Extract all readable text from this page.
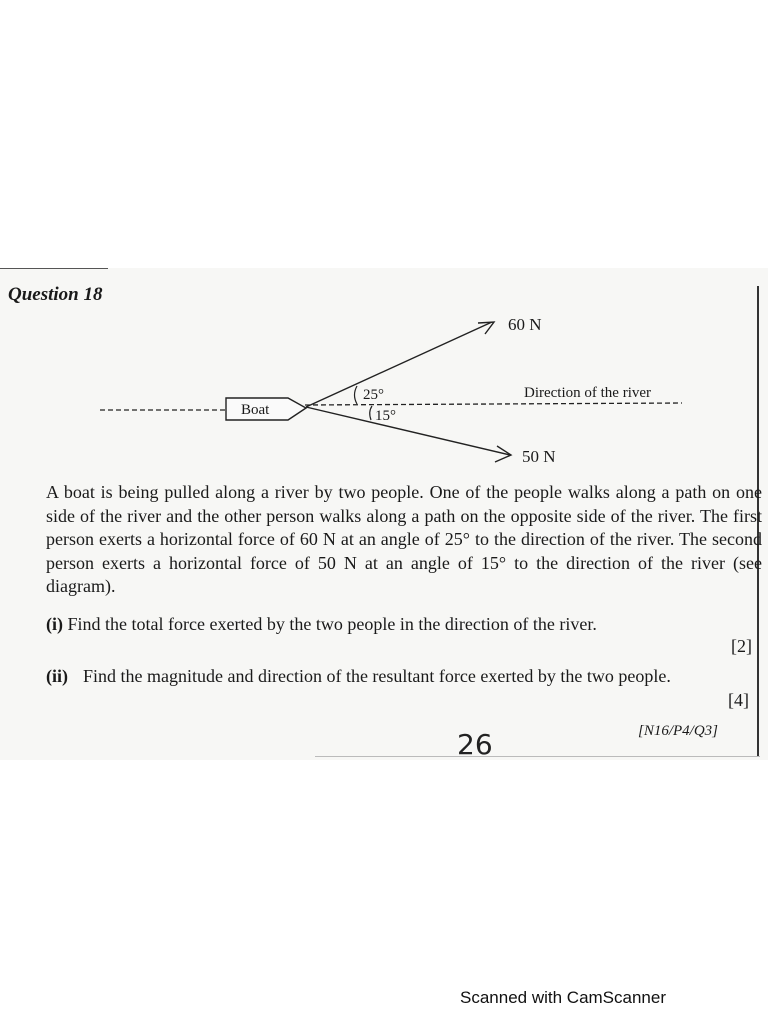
Question 18
Boat
60 N
50 N
25°
15°
Direction of the river
A boat is being pulled along a river by two people. One of the people walks along a path on one side of the river and the other person walks along a path on the opposite side of the river. The first person exerts a horizontal force of 60 N at an angle of 25° to the direction of the river. The second person exerts a horizontal force of 50 N at an angle of 15° to the direction of the river (see diagram).
(i) Find the total force exerted by the two people in the direction of the river.
[2]
(ii) Find the magnitude and direction of the resultant force exerted by the two people.
[4]
26	[N16/P4/Q3]
Scanned with CamScanner
